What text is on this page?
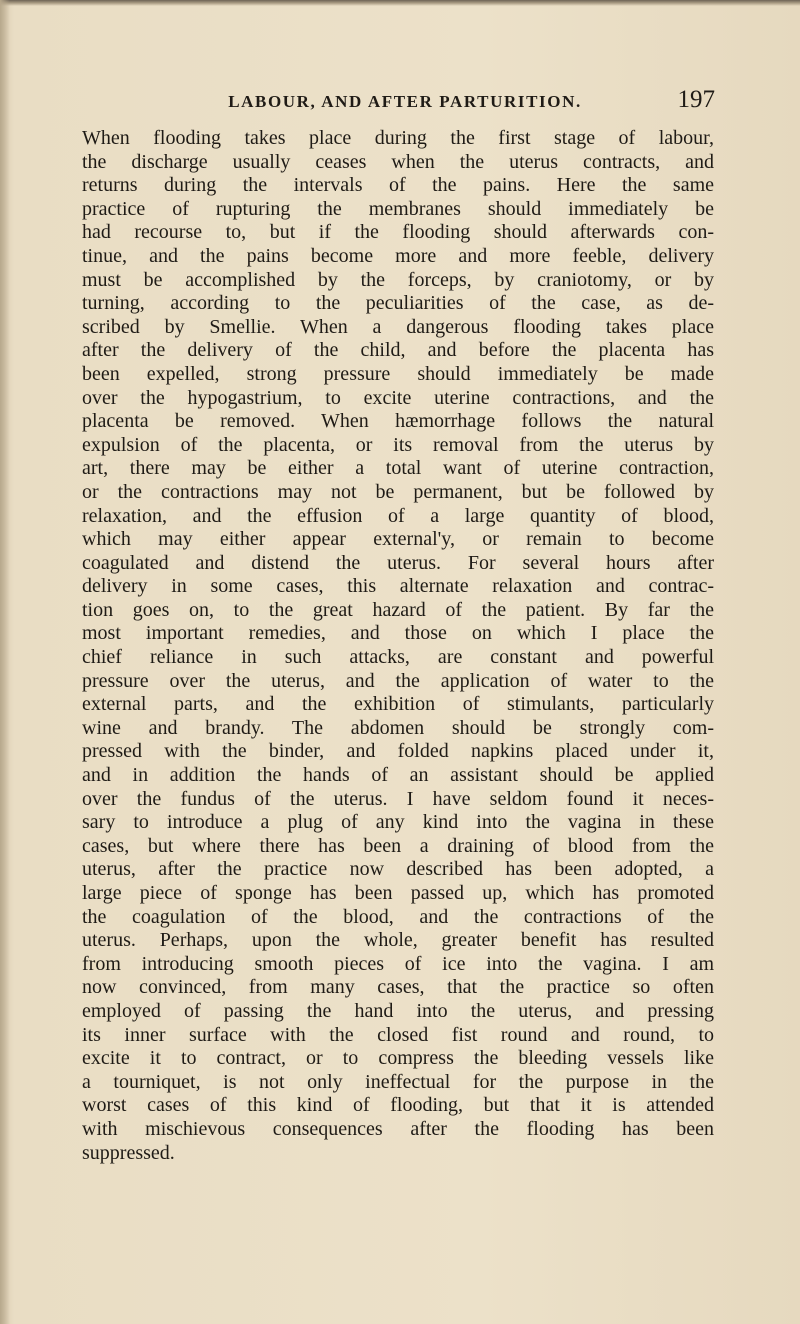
LABOUR, AND AFTER PARTURITION.	197
When flooding takes place during the first stage of labour,
the discharge usually ceases when the uterus contracts, and
returns during the intervals of the pains. Here the same
practice of rupturing the membranes should immediately be
had recourse to, but if the flooding should afterwards con-
tinue, and the pains become more and more feeble, delivery
must be accomplished by the forceps, by craniotomy, or by
turning, according to the peculiarities of the case, as de-
scribed by Smellie. When a dangerous flooding takes place
after the delivery of the child, and before the placenta has
been expelled, strong pressure should immediately be made
over the hypogastrium, to excite uterine contractions, and the
placenta be removed. When hæmorrhage follows the natural
expulsion of the placenta, or its removal from the uterus by
art, there may be either a total want of uterine contraction,
or the contractions may not be permanent, but be followed by
relaxation, and the effusion of a large quantity of blood,
which may either appear external'y, or remain to become
coagulated and distend the uterus. For several hours after
delivery in some cases, this alternate relaxation and contrac-
tion goes on, to the great hazard of the patient. By far the
most important remedies, and those on which I place the
chief reliance in such attacks, are constant and powerful
pressure over the uterus, and the application of water to the
external parts, and the exhibition of stimulants, particularly
wine and brandy. The abdomen should be strongly com-
pressed with the binder, and folded napkins placed under it,
and in addition the hands of an assistant should be applied
over the fundus of the uterus. I have seldom found it neces-
sary to introduce a plug of any kind into the vagina in these
cases, but where there has been a draining of blood from the
uterus, after the practice now described has been adopted, a
large piece of sponge has been passed up, which has promoted
the coagulation of the blood, and the contractions of the
uterus. Perhaps, upon the whole, greater benefit has resulted
from introducing smooth pieces of ice into the vagina. I am
now convinced, from many cases, that the practice so often
employed of passing the hand into the uterus, and pressing
its inner surface with the closed fist round and round, to
excite it to contract, or to compress the bleeding vessels like
a tourniquet, is not only ineffectual for the purpose in the
worst cases of this kind of flooding, but that it is attended
with mischievous consequences after the flooding has been
suppressed.
